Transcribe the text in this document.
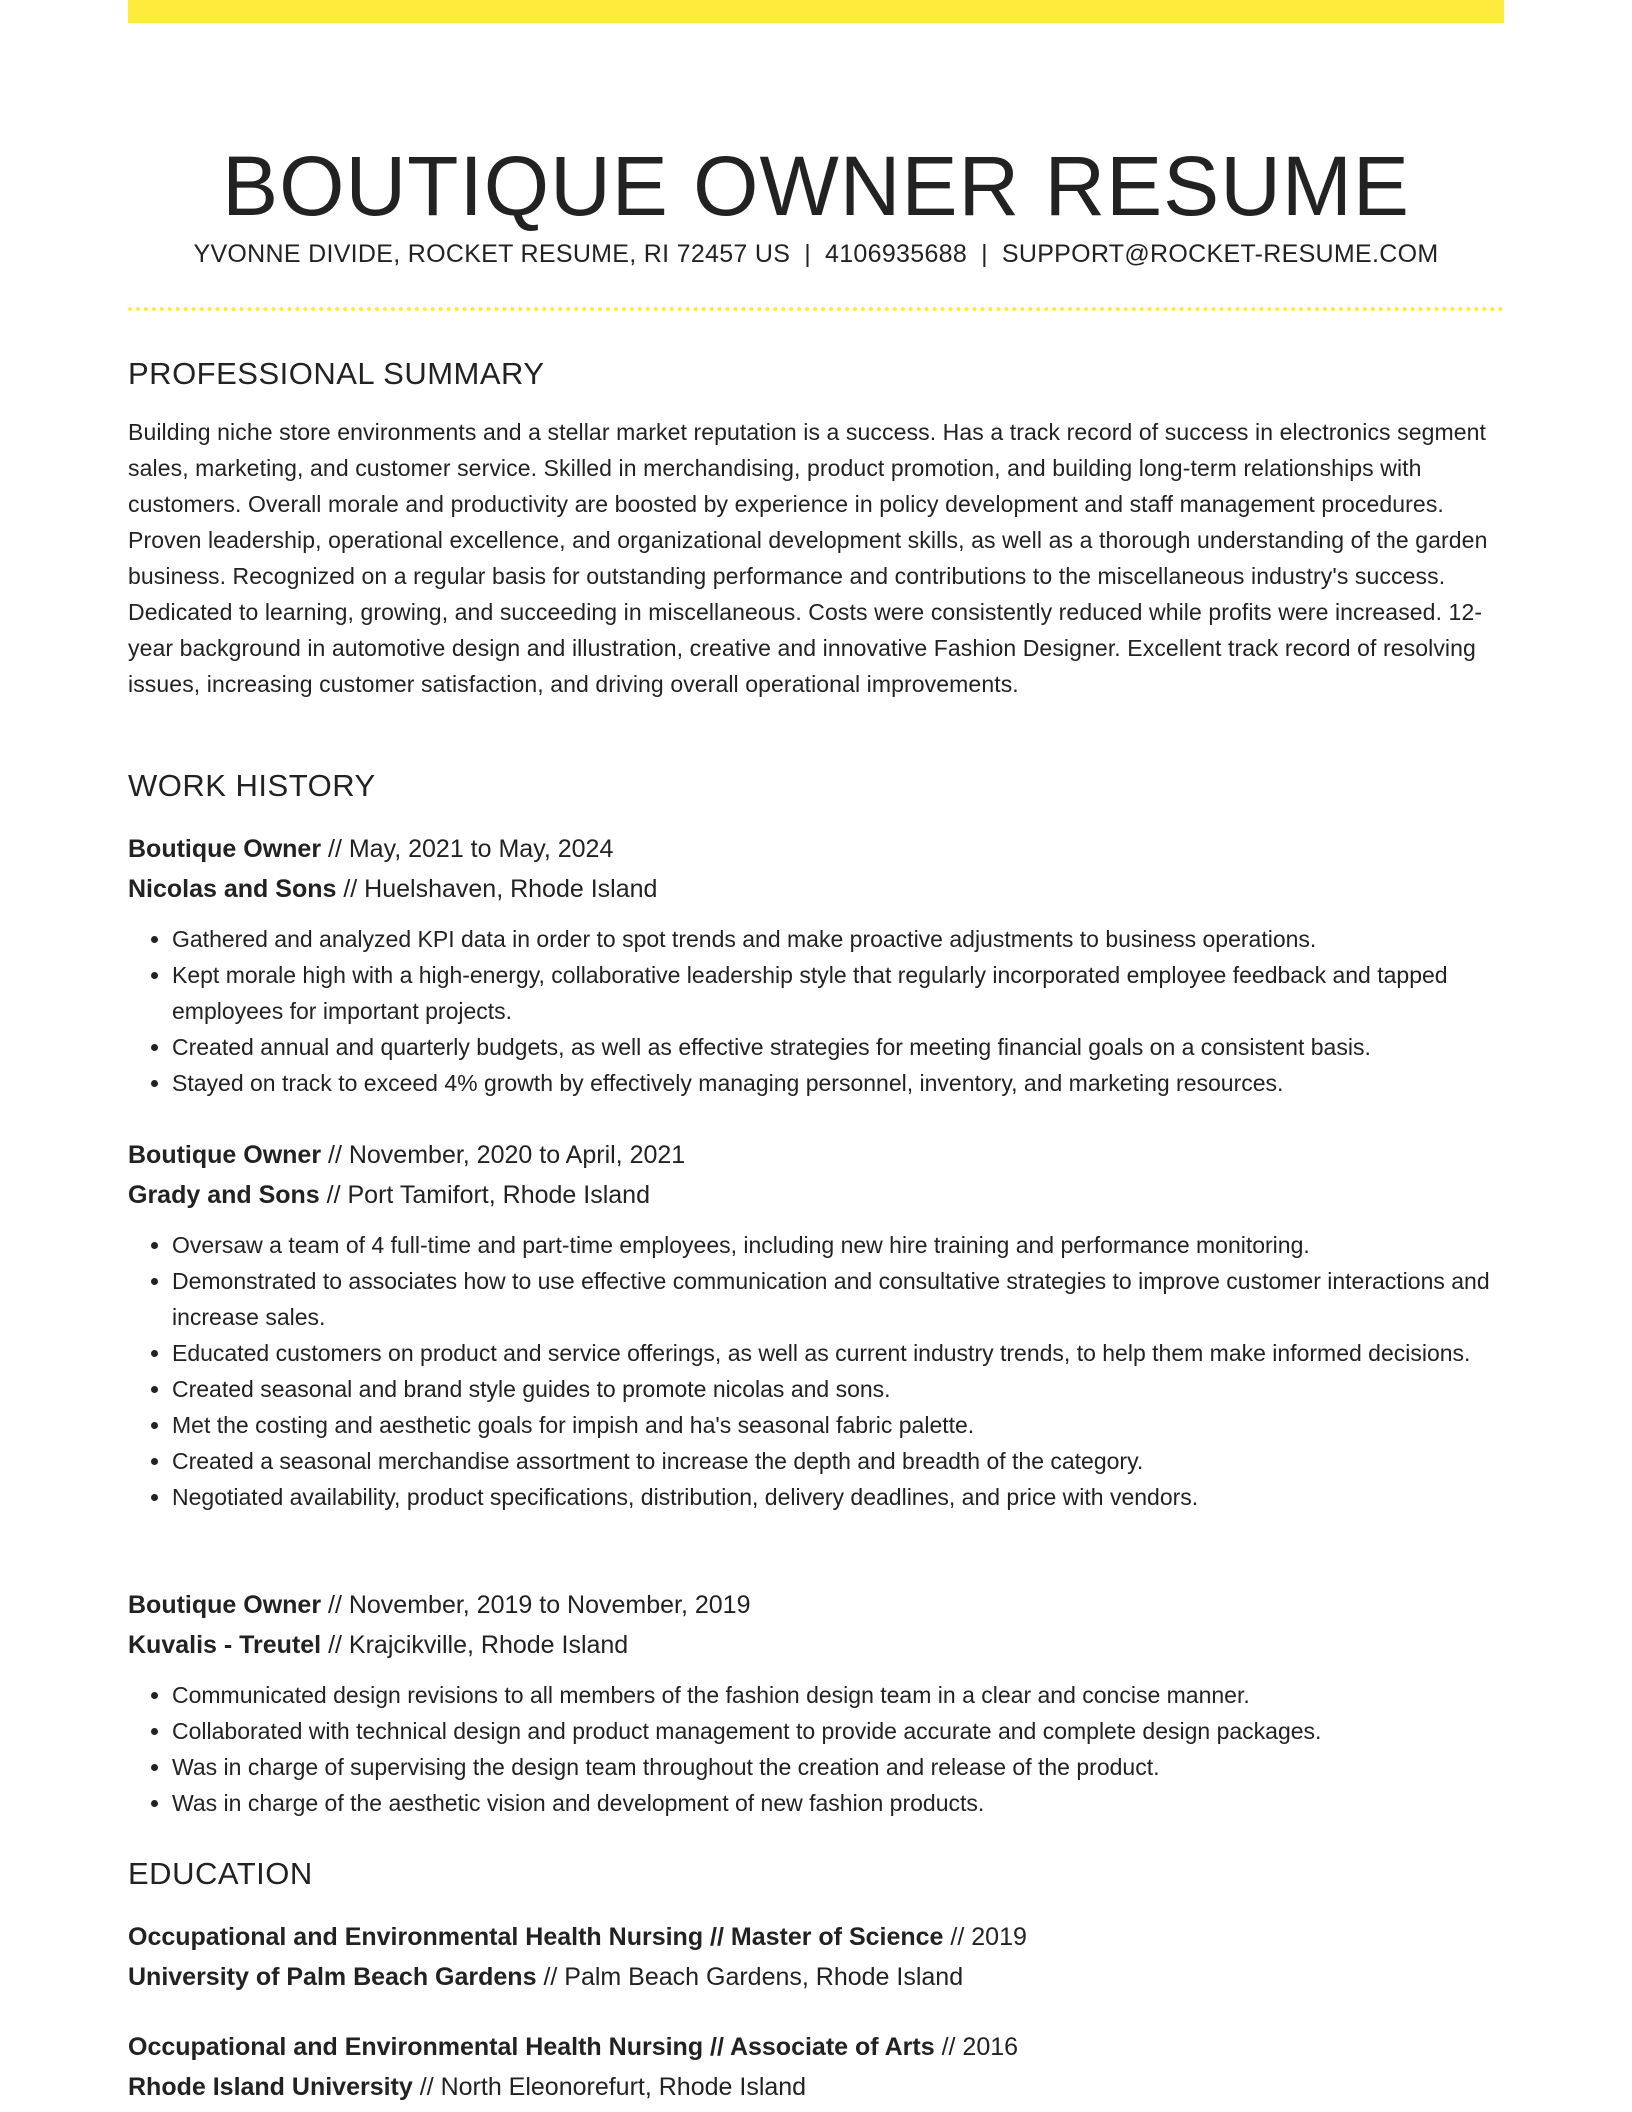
BOUTIQUE OWNER RESUME
YVONNE DIVIDE, ROCKET RESUME, RI 72457 US | 4106935688 | SUPPORT@ROCKET-RESUME.COM
PROFESSIONAL SUMMARY

Building niche store environments and a stellar market reputation is a success. Has a track record of success in electronics segment sales, marketing, and customer service. Skilled in merchandising, product promotion, and building long-term relationships with customers. Overall morale and productivity are boosted by experience in policy development and staff management procedures. Proven leadership, operational excellence, and organizational development skills, as well as a thorough understanding of the garden business. Recognized on a regular basis for outstanding performance and contributions to the miscellaneous industry's success. Dedicated to learning, growing, and succeeding in miscellaneous. Costs were consistently reduced while profits were increased. 12-year background in automotive design and illustration, creative and innovative Fashion Designer. Excellent track record of resolving issues, increasing customer satisfaction, and driving overall operational improvements.

WORK HISTORY
Boutique Owner // May, 2021 to May, 2024
Nicolas and Sons // Huelshaven, Rhode Island
• Gathered and analyzed KPI data in order to spot trends and make proactive adjustments to business operations.
• Kept morale high with a high-energy, collaborative leadership style that regularly incorporated employee feedback and tapped employees for important projects.
• Created annual and quarterly budgets, as well as effective strategies for meeting financial goals on a consistent basis.
• Stayed on track to exceed 4% growth by effectively managing personnel, inventory, and marketing resources.
Boutique Owner // November, 2020 to April, 2021
Grady and Sons // Port Tamifort, Rhode Island
• Oversaw a team of 4 full-time and part-time employees, including new hire training and performance monitoring.
• Demonstrated to associates how to use effective communication and consultative strategies to improve customer interactions and increase sales.
• Educated customers on product and service offerings, as well as current industry trends, to help them make informed decisions.
• Created seasonal and brand style guides to promote nicolas and sons.
• Met the costing and aesthetic goals for impish and ha's seasonal fabric palette.
• Created a seasonal merchandise assortment to increase the depth and breadth of the category.
• Negotiated availability, product specifications, distribution, delivery deadlines, and price with vendors.
Boutique Owner // November, 2019 to November, 2019
Kuvalis - Treutel // Krajcikville, Rhode Island
• Communicated design revisions to all members of the fashion design team in a clear and concise manner.
• Collaborated with technical design and product management to provide accurate and complete design packages.
• Was in charge of supervising the design team throughout the creation and release of the product.
• Was in charge of the aesthetic vision and development of new fashion products.
EDUCATION
Occupational and Environmental Health Nursing // Master of Science // 2019
University of Palm Beach Gardens // Palm Beach Gardens, Rhode Island
Occupational and Environmental Health Nursing // Associate of Arts // 2016
Rhode Island University // North Eleonorefurt, Rhode Island
